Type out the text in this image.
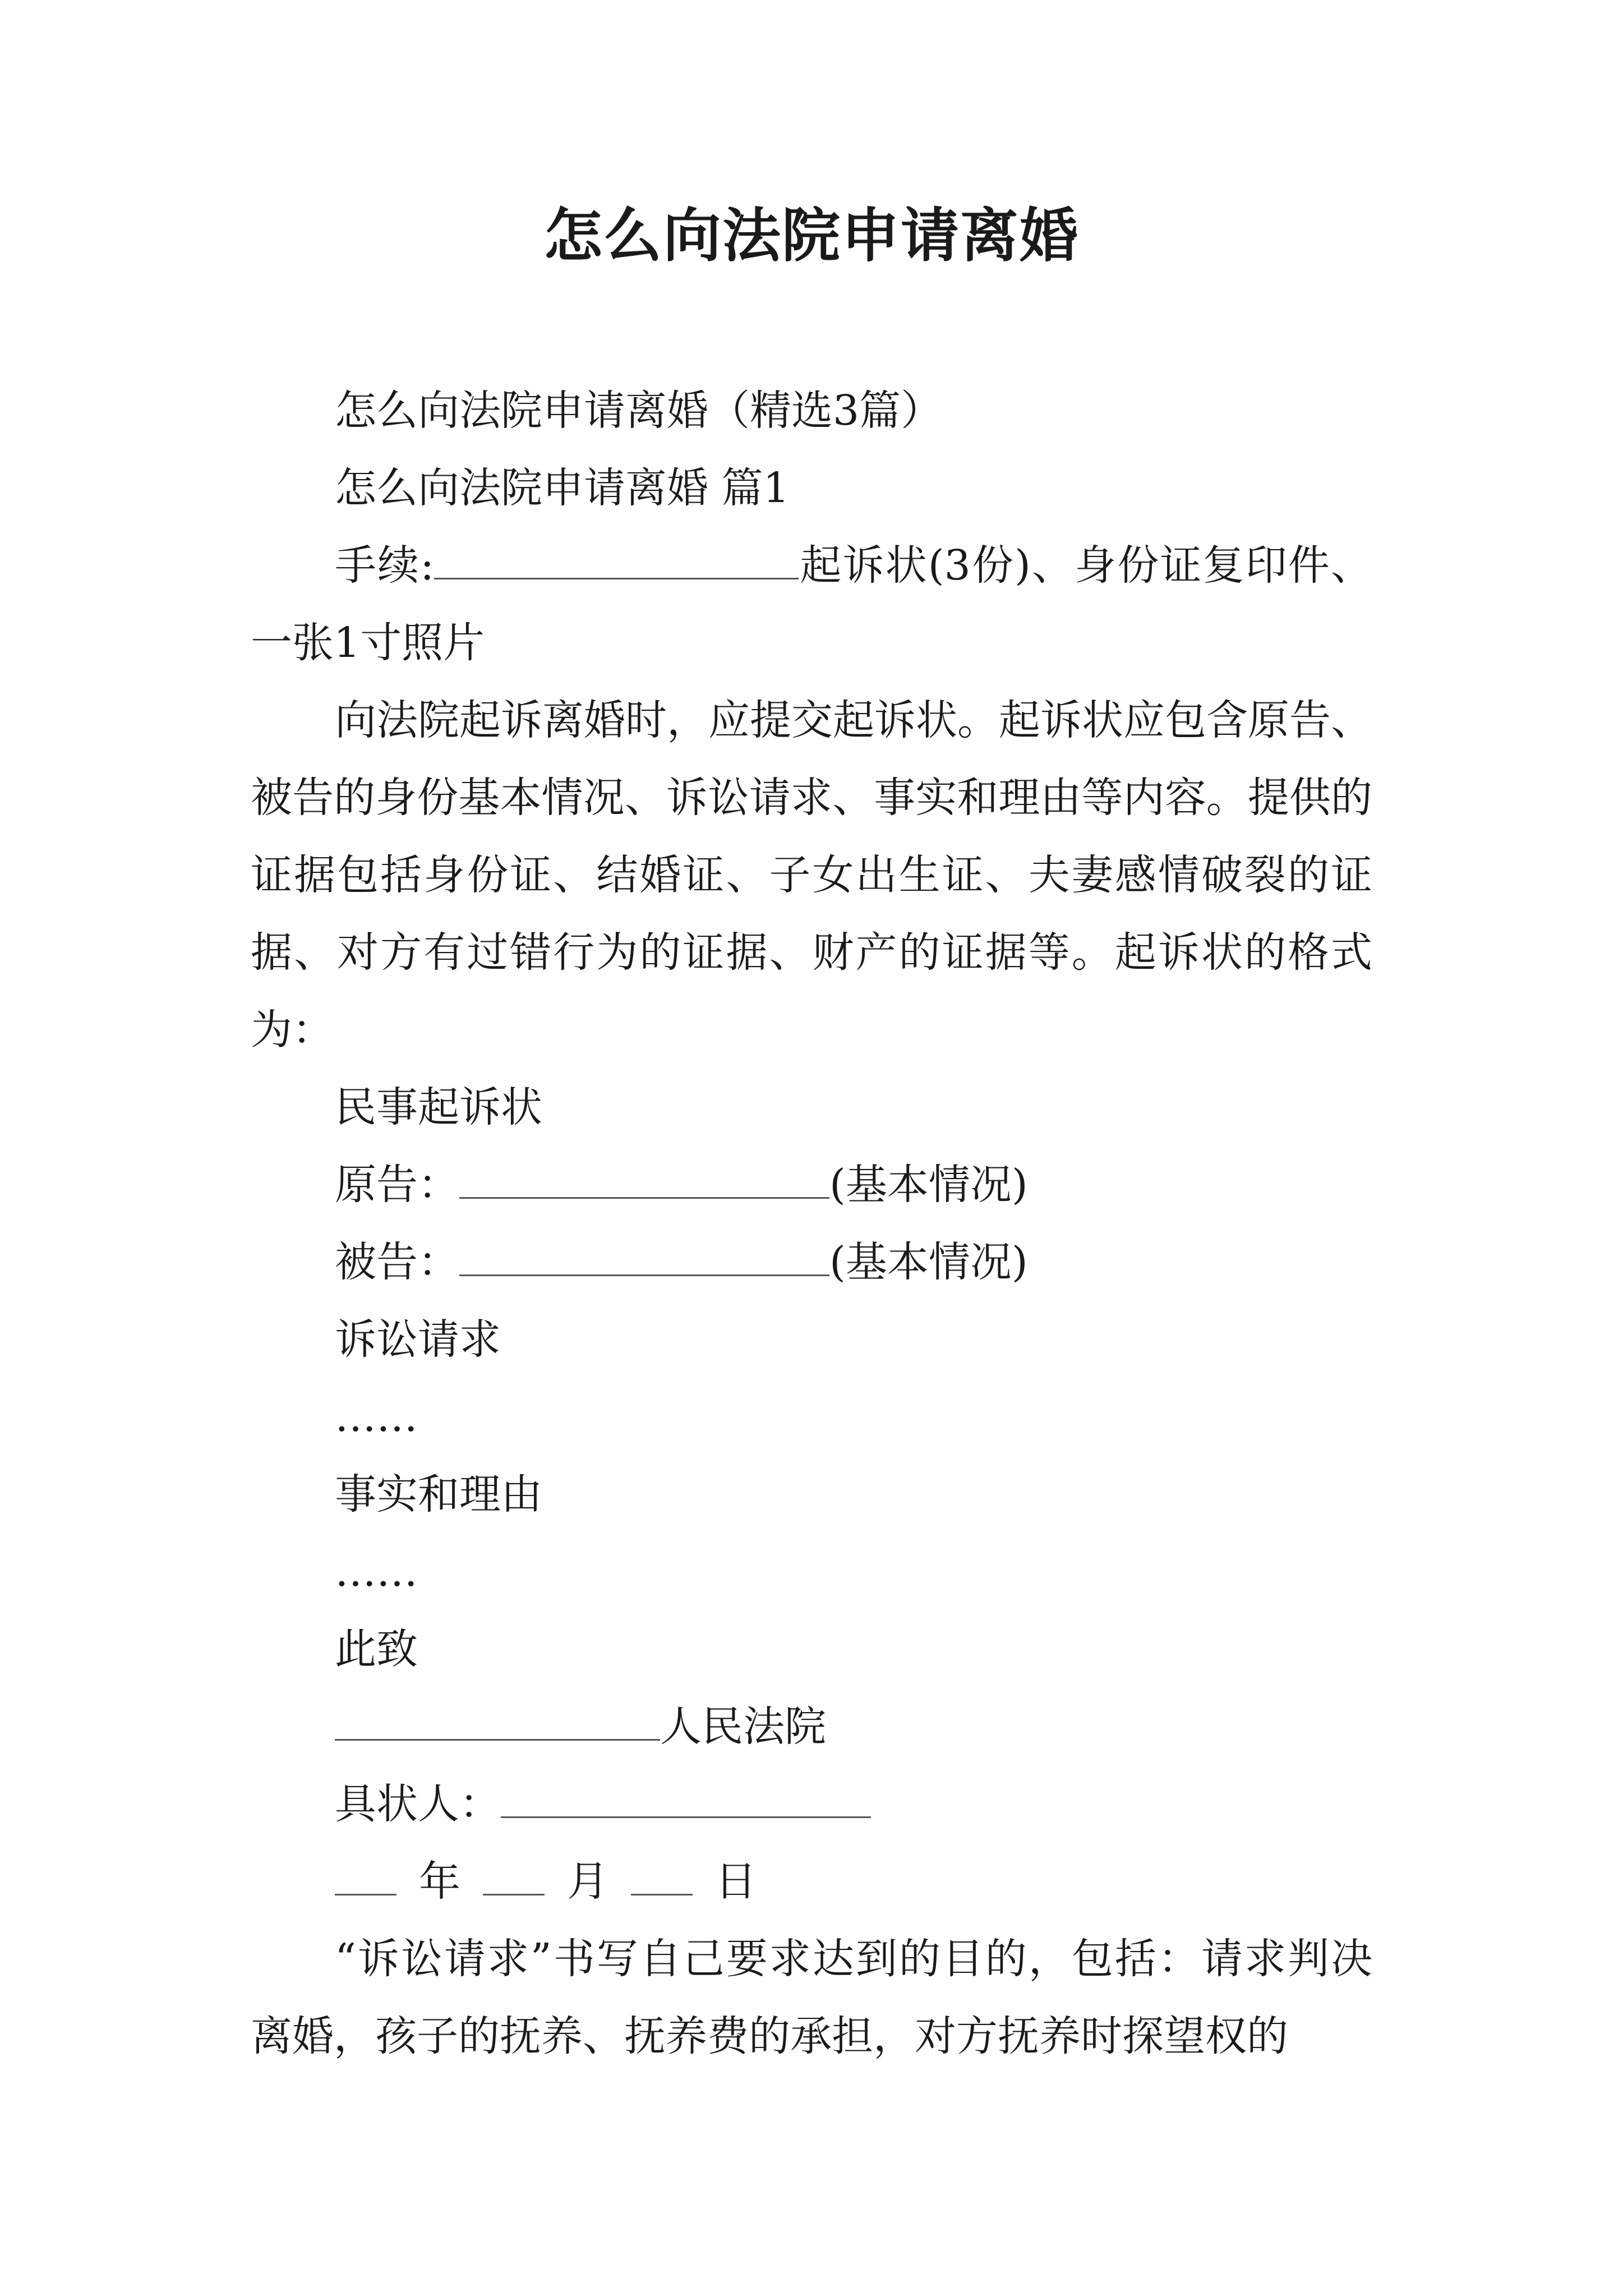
怎么向法院申请离婚

怎么向法院申请离婚（精选3篇）

怎么向法院申请离婚 篇1

手续:	起诉状(3份)、身份证复印件、一张1寸照片

向法院起诉离婚时，应提交起诉状。起诉状应包含原告、被告的身份基本情况、诉讼请求、事实和理由等内容。提供的证据包括身份证、结婚证、子女出生证、夫妻感情破裂的证据、对方有过错行为的证据、财产的证据等。起诉状的格式为：

民事起诉状

原告：	(基本情况)

被告：	(基本情况)

诉讼请求

……

事实和理由

……

此致

人民法院

具状人：

年	月	日

“诉讼请求”书写自己要求达到的目的，包括：请求判决离婚，孩子的抚养、抚养费的承担，对方抚养时探望权的
